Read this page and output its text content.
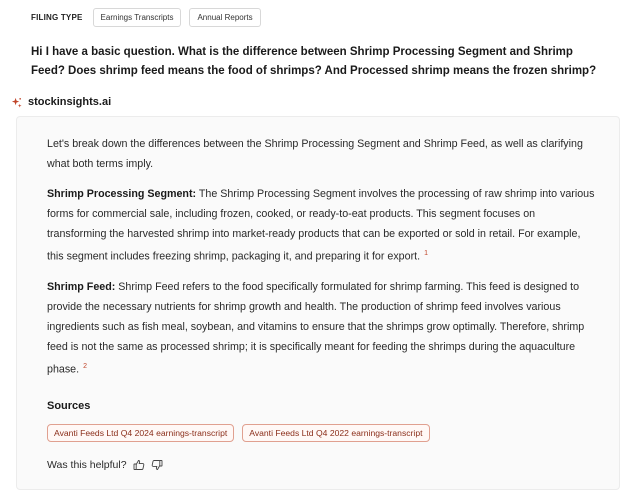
FILING TYPE	Earnings Transcripts	Annual Reports

Hi I have a basic question. What is the difference between Shrimp Processing Segment and Shrimp Feed? Does shrimp feed means the food of shrimps? And Processed shrimp means the frozen shrimp?

stockinsights.ai

Let's break down the differences between the Shrimp Processing Segment and Shrimp Feed, as well as clarifying what both terms imply.

Shrimp Processing Segment: The Shrimp Processing Segment involves the processing of raw shrimp into various forms for commercial sale, including frozen, cooked, or ready-to-eat products. This segment focuses on transforming the harvested shrimp into market-ready products that can be exported or sold in retail. For example, this segment includes freezing shrimp, packaging it, and preparing it for export. $^1$

Shrimp Feed: Shrimp Feed refers to the food specifically formulated for shrimp farming. This feed is designed to provide the necessary nutrients for shrimp growth and health. The production of shrimp feed involves various ingredients such as fish meal, soybean, and vitamins to ensure that the shrimps grow optimally. Therefore, shrimp feed is not the same as processed shrimp; it is specifically meant for feeding the shrimps during the aquaculture phase. $^2$

Sources
Avanti Feeds Ltd Q4 2024 earnings-transcript	Avanti Feeds Ltd Q4 2022 earnings-transcript
Was this helpful?
